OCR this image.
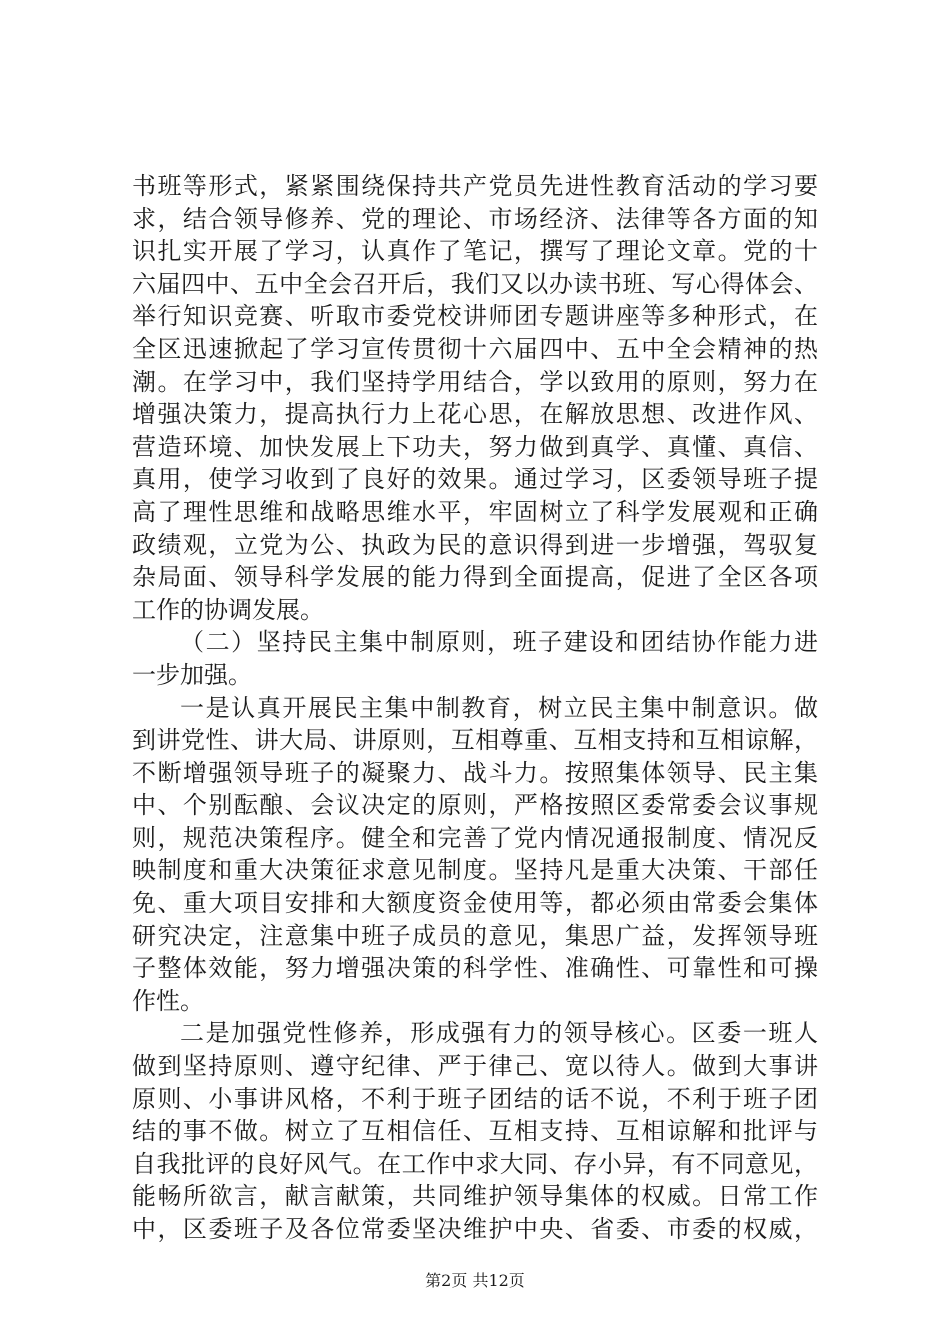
书班等形式，紧紧围绕保持共产党员先进性教育活动的学习要
求，结合领导修养、党的理论、市场经济、法律等各方面的知
识扎实开展了学习，认真作了笔记，撰写了理论文章。党的十
六届四中、五中全会召开后，我们又以办读书班、写心得体会、
举行知识竞赛、听取市委党校讲师团专题讲座等多种形式，在
全区迅速掀起了学习宣传贯彻十六届四中、五中全会精神的热
潮。在学习中，我们坚持学用结合，学以致用的原则，努力在
增强决策力，提高执行力上花心思，在解放思想、改进作风、
营造环境、加快发展上下功夫，努力做到真学、真懂、真信、
真用，使学习收到了良好的效果。通过学习，区委领导班子提
高了理性思维和战略思维水平，牢固树立了科学发展观和正确
政绩观，立党为公、执政为民的意识得到进一步增强，驾驭复
杂局面、领导科学发展的能力得到全面提高，促进了全区各项
工作的协调发展。
（二）坚持民主集中制原则，班子建设和团结协作能力进
一步加强。
一是认真开展民主集中制教育，树立民主集中制意识。做
到讲党性、讲大局、讲原则，互相尊重、互相支持和互相谅解，
不断增强领导班子的凝聚力、战斗力。按照集体领导、民主集
中、个别酝酿、会议决定的原则，严格按照区委常委会议事规
则，规范决策程序。健全和完善了党内情况通报制度、情况反
映制度和重大决策征求意见制度。坚持凡是重大决策、干部任
免、重大项目安排和大额度资金使用等，都必须由常委会集体
研究决定，注意集中班子成员的意见，集思广益，发挥领导班
子整体效能，努力增强决策的科学性、准确性、可靠性和可操
作性。
二是加强党性修养，形成强有力的领导核心。区委一班人
做到坚持原则、遵守纪律、严于律己、宽以待人。做到大事讲
原则、小事讲风格，不利于班子团结的话不说，不利于班子团
结的事不做。树立了互相信任、互相支持、互相谅解和批评与
自我批评的良好风气。在工作中求大同、存小异，有不同意见，
能畅所欲言，献言献策，共同维护领导集体的权威。日常工作
中，区委班子及各位常委坚决维护中央、省委、市委的权威，
第2页 共12页
